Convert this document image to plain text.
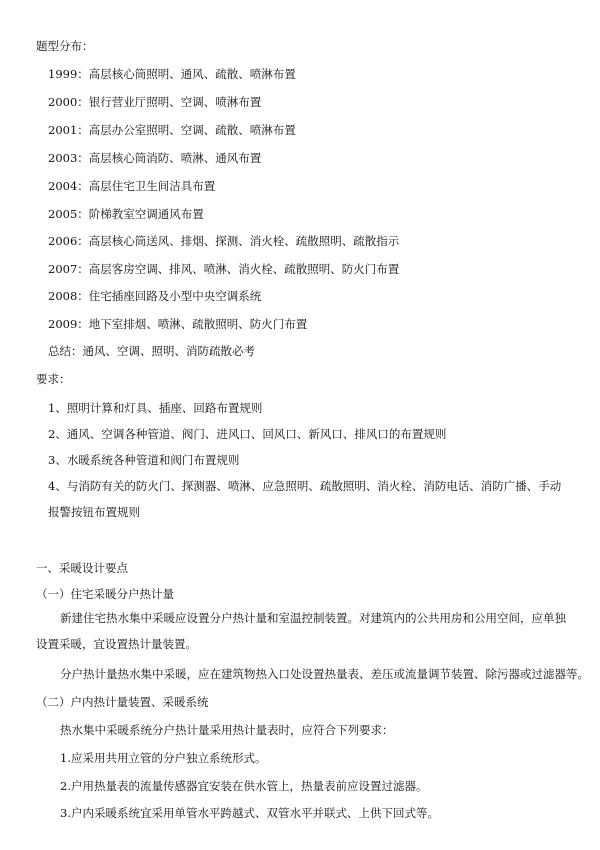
题型分布：
1999：高层核心筒照明、通风、疏散、喷淋布置
2000：银行营业厅照明、空调、喷淋布置
2001：高层办公室照明、空调、疏散、喷淋布置
2003：高层核心筒消防、喷淋、通风布置
2004：高层住宅卫生间洁具布置
2005：阶梯教室空调通风布置
2006：高层核心筒送风、排烟、探测、消火栓、疏散照明、疏散指示
2007：高层客房空调、排风、喷淋、消火栓、疏散照明、防火门布置
2008：住宅插座回路及小型中央空调系统
2009：地下室排烟、喷淋、疏散照明、防火门布置
总结：通风、空调、照明、消防疏散必考
要求：
1、照明计算和灯具、插座、回路布置规则
2、通风、空调各种管道、阀门、进风口、回风口、新风口、排风口的布置规则
3、水暖系统各种管道和阀门布置规则
4、与消防有关的防火门、探测器、喷淋、应急照明、疏散照明、消火栓、消防电话、消防广播、手动报警按钮布置规则
一、采暖设计要点
（一）住宅采暖分户热计量
新建住宅热水集中采暖应设置分户热计量和室温控制装置。对建筑内的公共用房和公用空间，应单独设置采暖，宜设置热计量装置。
分户热计量热水集中采暖，应在建筑物热入口处设置热量表、差压或流量调节装置、除污器或过滤器等。
（二）户内热计量装置、采暖系统
热水集中采暖系统分户热计量采用热计量表时，应符合下列要求：
1.应采用共用立管的分户独立系统形式。
2.户用热量表的流量传感器宜安装在供水管上，热量表前应设置过滤器。
3.户内采暖系统宜采用单管水平跨越式、双管水平并联式、上供下回式等。
